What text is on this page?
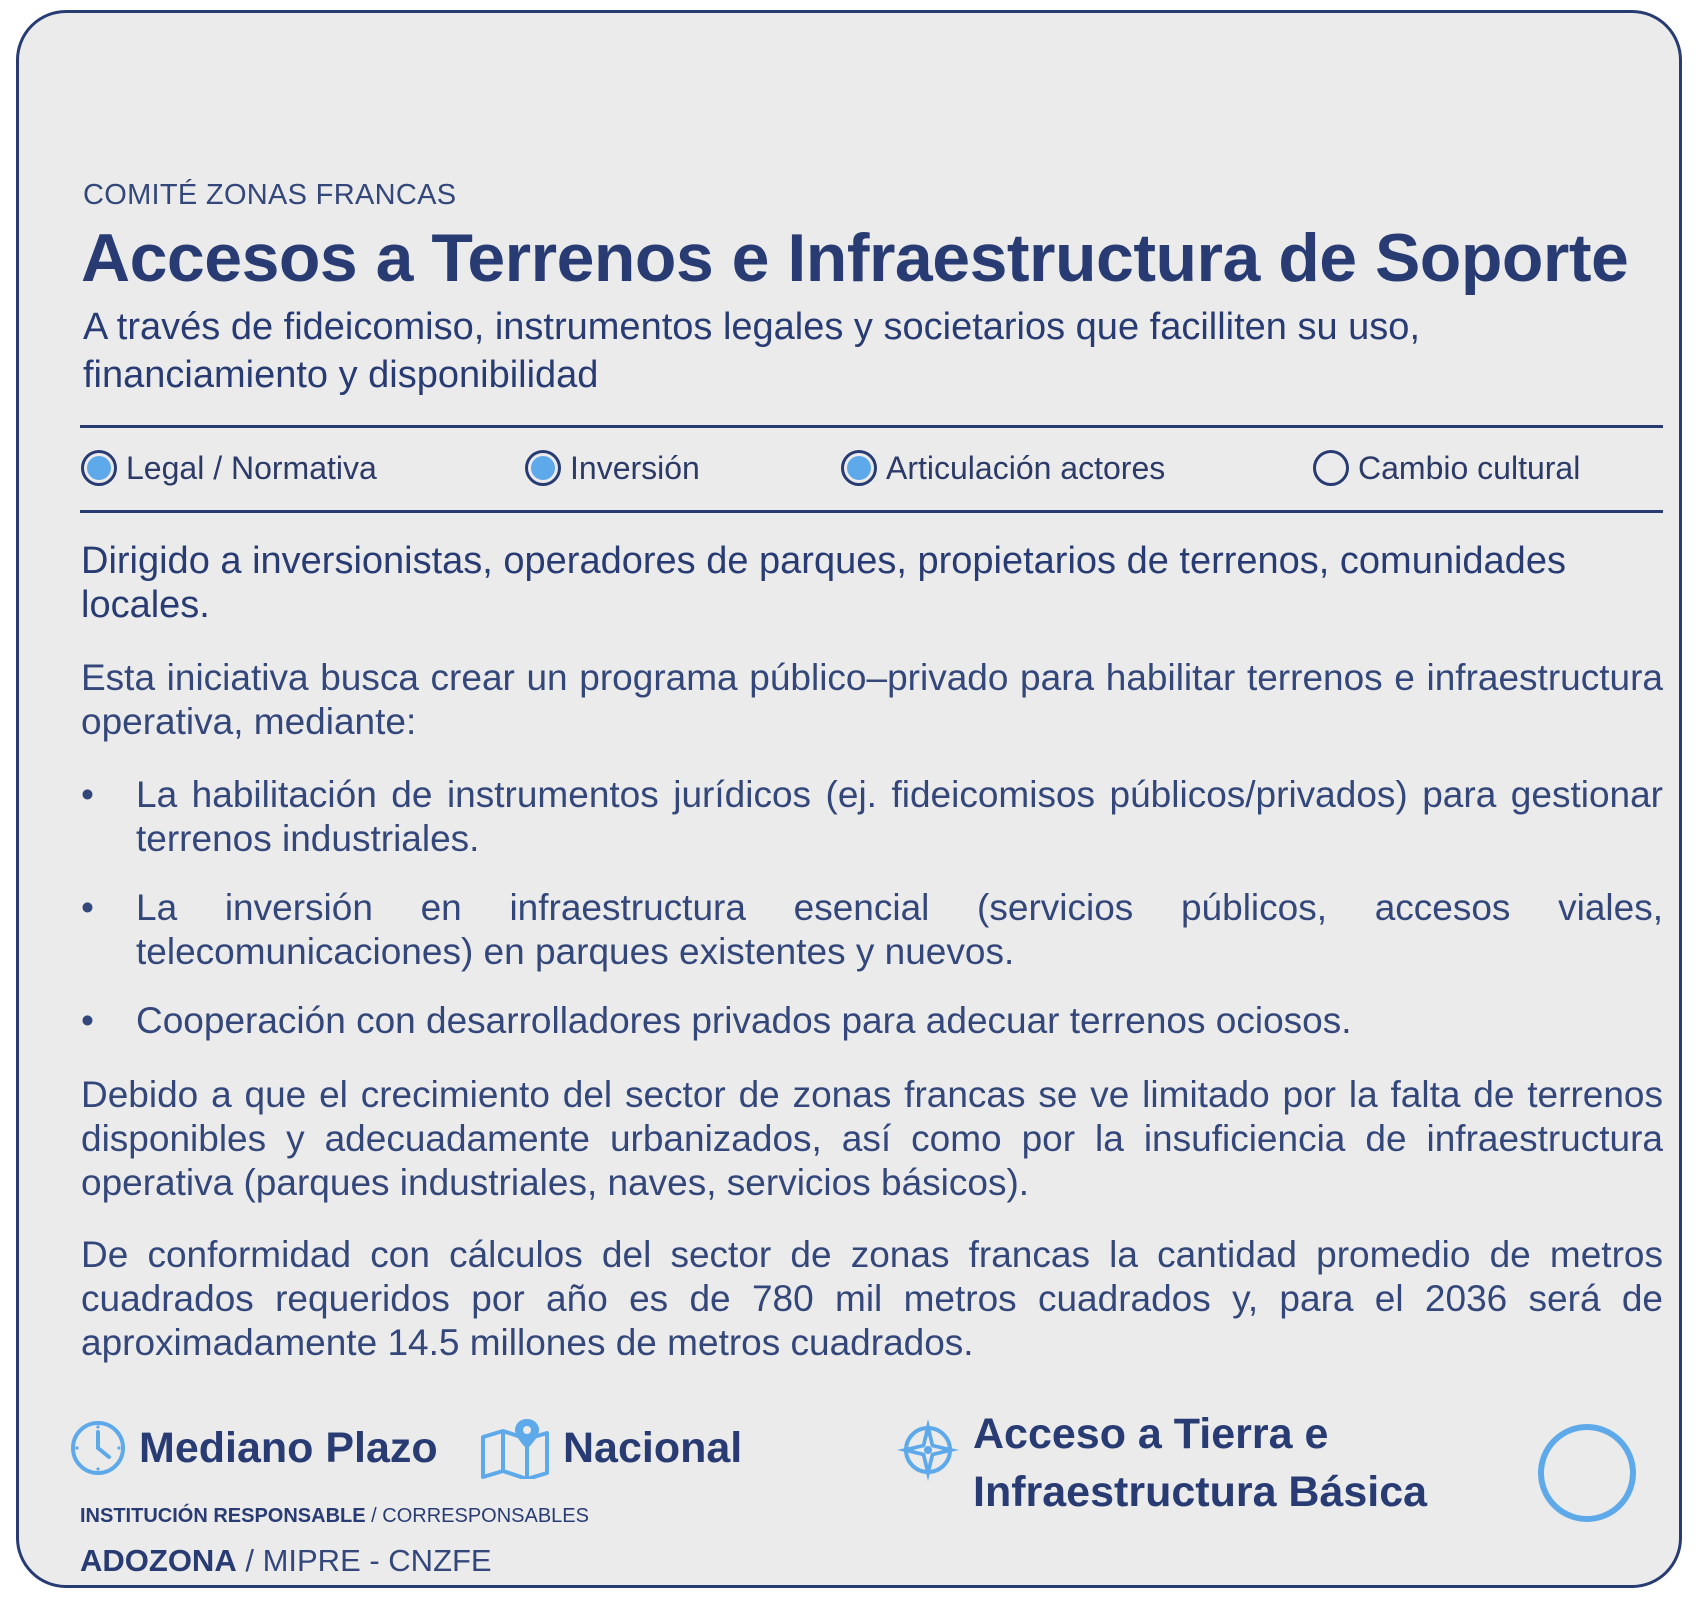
COMITÉ ZONAS FRANCAS
Accesos a Terrenos e Infraestructura de Soporte
A través de fideicomiso, instrumentos legales y societarios que facilliten su uso, financiamiento y disponibilidad
Legal / Normativa	Inversión	Articulación actores	Cambio cultural
Dirigido a inversionistas, operadores de parques, propietarios de terrenos, comunidades locales.
Esta iniciativa busca crear un programa público–privado para habilitar terrenos e infraestructura operativa, mediante:
• La habilitación de instrumentos jurídicos (ej. fideicomisos públicos/privados) para gestionar terrenos industriales.
• La inversión en infraestructura esencial (servicios públicos, accesos viales, telecomunicaciones) en parques existentes y nuevos.
• Cooperación con desarrolladores privados para adecuar terrenos ociosos.
Debido a que el crecimiento del sector de zonas francas se ve limitado por la falta de terrenos disponibles y adecuadamente urbanizados, así como por la insuficiencia de infraestructura operativa (parques industriales, naves, servicios básicos).
De conformidad con cálculos del sector de zonas francas la cantidad promedio de metros cuadrados requeridos por año es de 780 mil metros cuadrados y, para el 2036 será de aproximadamente 14.5 millones de metros cuadrados.
Mediano Plazo	Nacional	Acceso a Tierra e
Infraestructura Básica
INSTITUCIÓN RESPONSABLE / CORRESPONSABLES
ADOZONA / MIPRE - CNZFE
